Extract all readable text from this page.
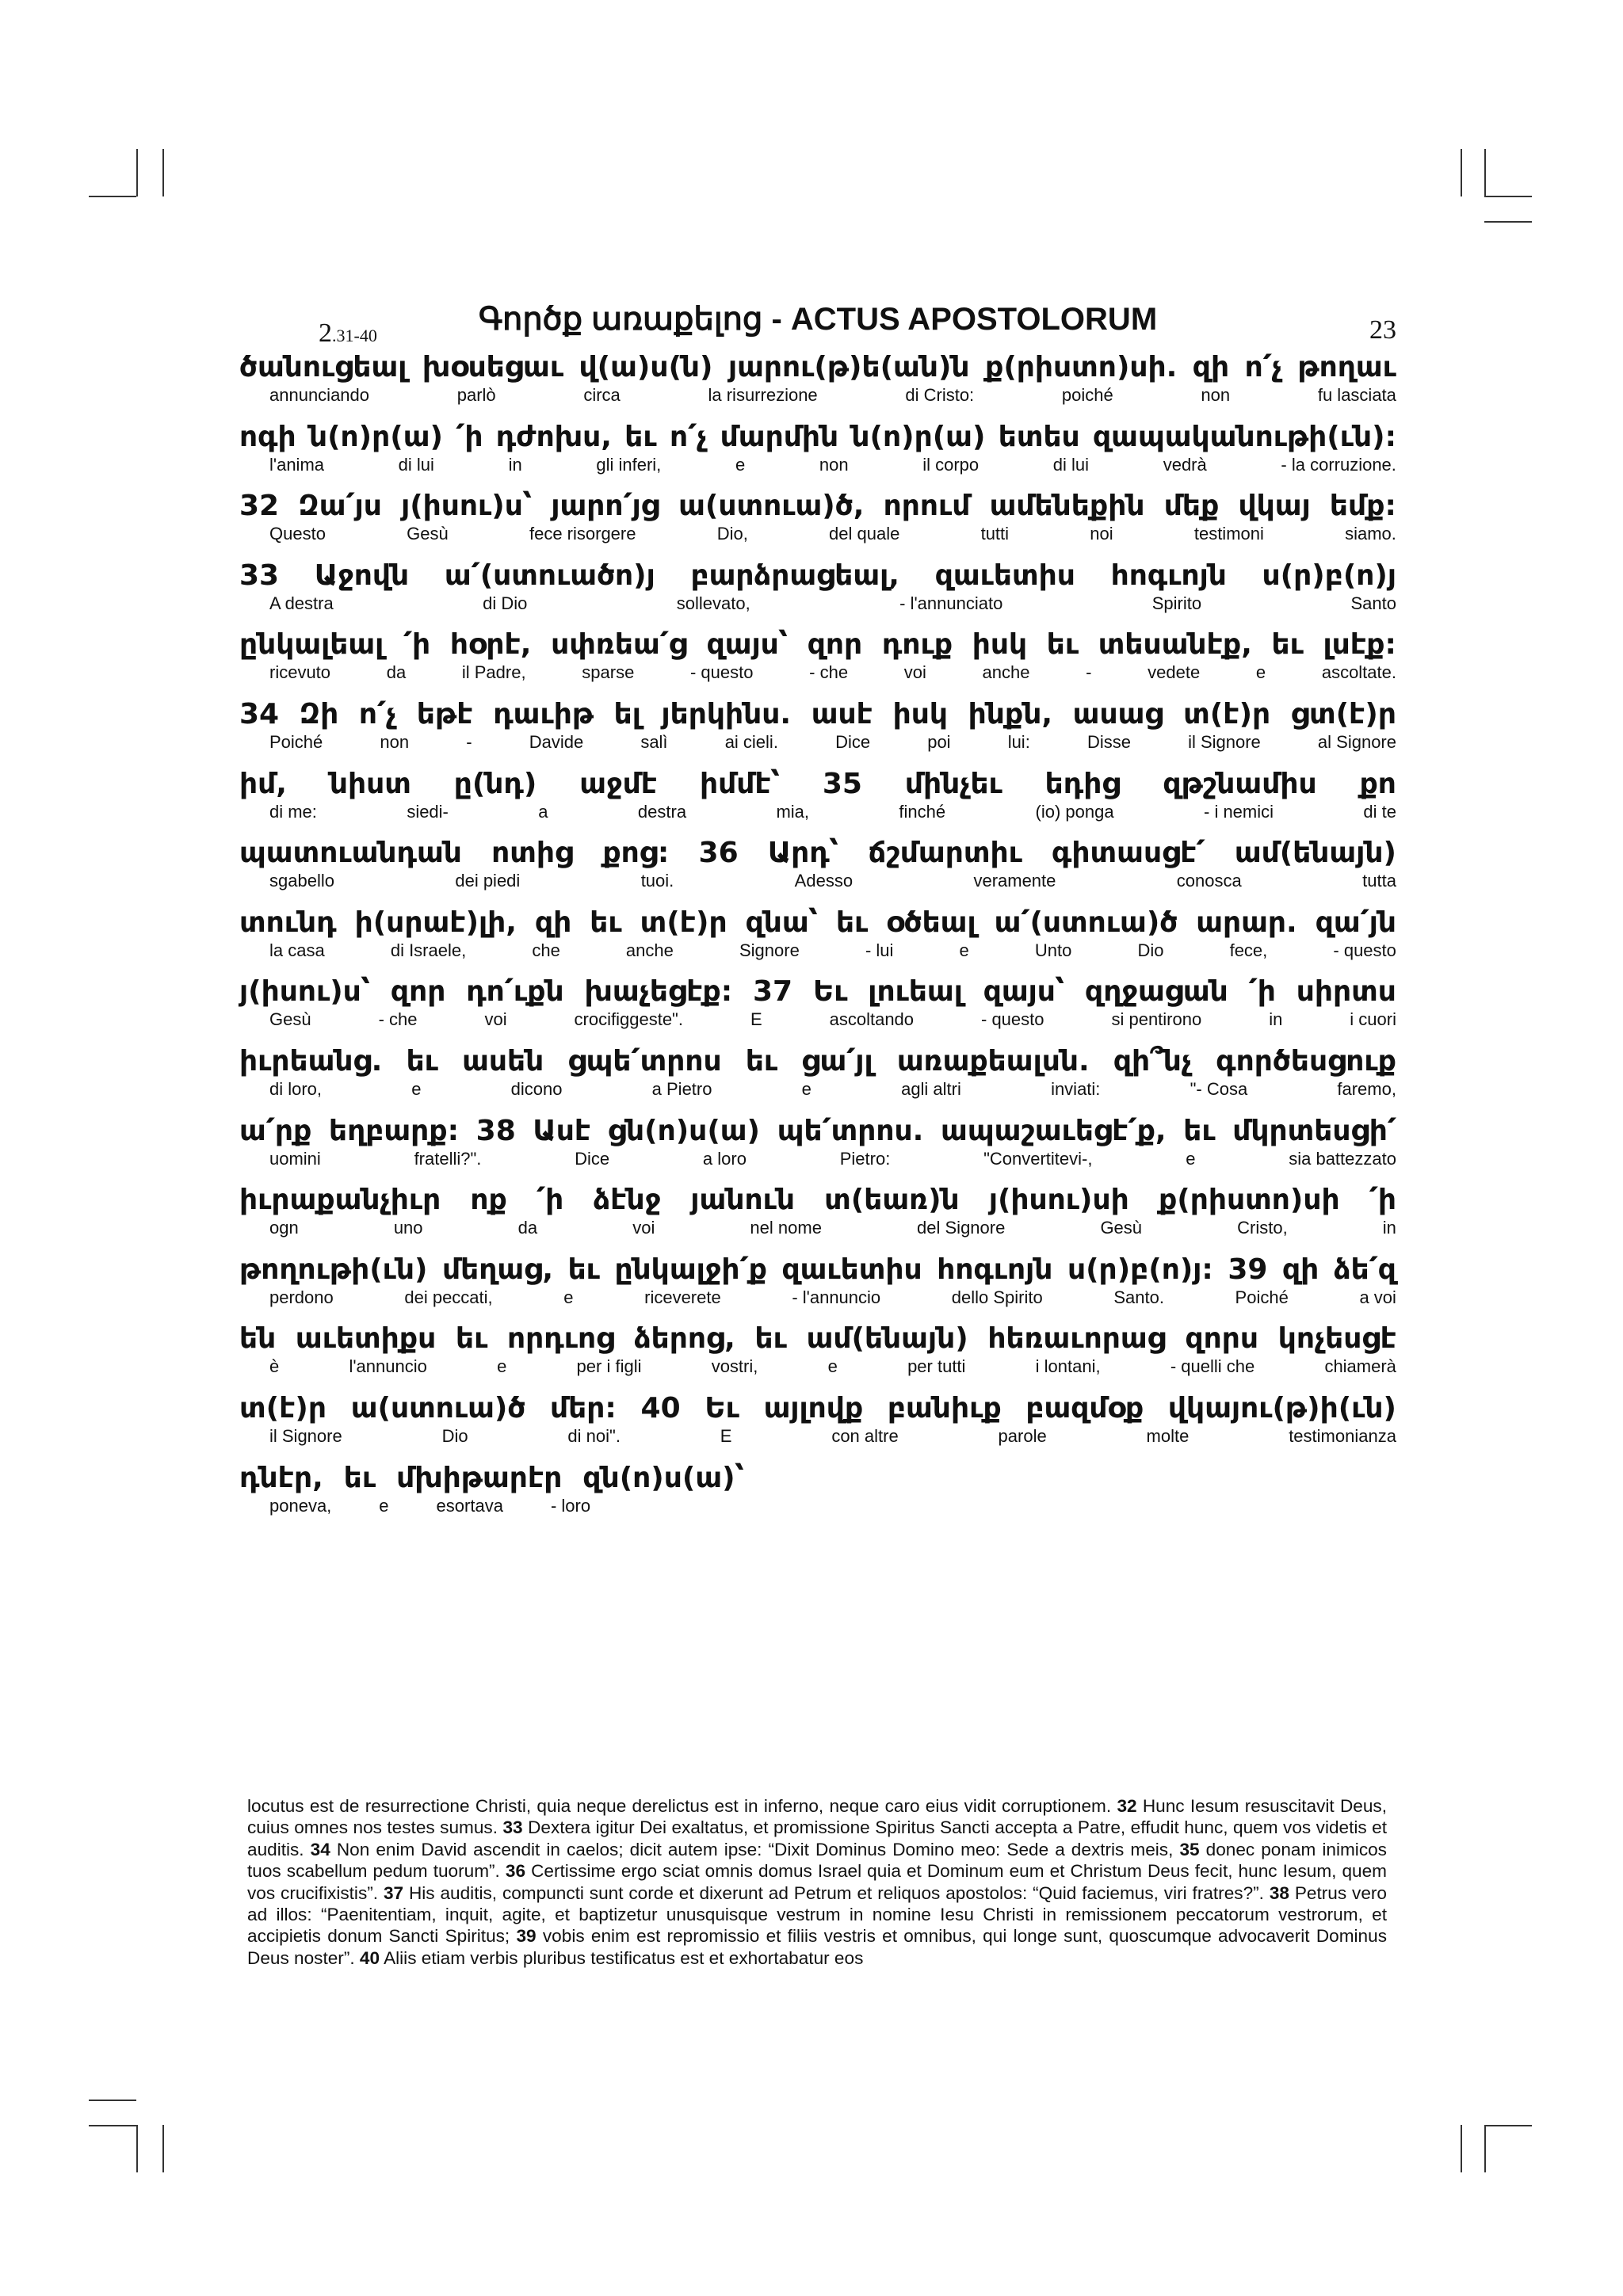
2.31-40	Գործք առաքելոց - ACTUS APOSTOLORUM	23
ծանուցեալ խօսեցաւ վ(ա)ս(ն) յարու(թ)ե(ան)ն ք(րիստո)սի. զի ո՛չ թողաւ
annunciando	parlò	circa	la risurrezione	di Cristo:	poiché	non	fu lasciata
ոգի ն(ո)ր(ա) ՛ի դժոխս, եւ ո՛չ մարմին ն(ո)ր(ա) ետես զապականութի(ւն):
l'anima	di lui	in	gli inferi,	e	non	il corpo	di lui	vedrà	- la corruzione.
32 Զա՛յս յ(իսու)ս՝ յարո՛յց ա(ստուա)ծ, որում ամենեքին մեք վկայ եմք:
Questo	Gesù	fece risorgere	Dio,	del quale	tutti	noi	testimoni	siamo.
33 Աջովն ա՛(ստուածո)յ բարձրացեալ, զաւետիս հոգւոյն ս(ր)բ(ո)յ
A destra	di Dio	sollevato,	- l'annunciato	Spirito	Santo
ընկալեալ ՛ի հօրէ, սփռեա՛ց զայս՝ զոր դուք իսկ եւ տեսանէք, եւ լսէք:
ricevuto	da	il Padre,	sparse	- questo	- che	voi	anche	-	vedete	e	ascoltate.
34 Զի ո՛չ եթէ դաւիթ ել յերկինս. ասէ իսկ ինքն, ասաց տ(է)ր ցտ(է)ր
Poiché	non	-	Davide	salì	ai cieli.	Dice	poi	lui:	Disse	il Signore	al Signore
իմ, նիստ ը(նդ) աջմէ իմմէ՝ 35 մինչեւ եդից զթշնամիս քո
di me:	siedi-	a	destra	mia,	finché	(io) ponga	- i nemici	di te
պատուանդան ոտից քոց: 36 Արդ՝ ճշմարտիւ գիտասցէ՛ ամ(ենայն)
sgabello	dei piedi	tuoi.	Adesso	veramente	conosca	tutta
տունդ ի(սրաէ)լի, զի եւ տ(է)ր զնա՝ եւ օծեալ ա՛(ստուա)ծ արար. զա՛յն
la casa	di Israele,	che	anche	Signore	- lui	e	Unto	Dio	fece,	- questo
յ(իսու)ս՝ զոր դո՛ւքն խաչեցէք: 37 Եւ լուեալ զայս՝ զղջացան ՛ի սիրտս
Gesù	- che	voi	crocifiggeste".	E	ascoltando	- questo	si pentirono	in	i cuori
իւրեանց. եւ ասեն ցպե՛տրոս եւ ցա՛յլ առաքեալսն. զի՞նչ գործեսցուք
di loro,	e	dicono	a Pietro	e	agli altri	inviati:	"- Cosa	faremo,
ա՛րք եղբարք: 38 Ասէ ցն(ո)ս(ա) պե՛տրոս. ապաշաւեցէ՛ք, եւ մկրտեսցի՛
uomini	fratelli?".	Dice	a loro	Pietro:	"Convertitevi-,	e	sia battezzato
իւրաքանչիւր ոք ՛ի ձէնջ յանուն տ(եառ)ն յ(իսու)սի ք(րիստո)սի ՛ի
ogn	uno	da	voi	nel nome	del Signore	Gesù	Cristo,	in
թողութի(ւն) մեղաց, եւ ընկալջի՛ք զաւետիս հոգւոյն ս(ր)բ(ո)յ: 39 զի ձե՛զ
perdono	dei peccati,	e	riceverete	- l'annuncio	dello Spirito	Santo.	Poiché	a voi
են աւետիքս եւ որդւոց ձերոց, եւ ամ(ենայն) հեռաւորաց զորս կոչեսցէ
è	l'annuncio	e	per i figli	vostri,	e	per tutti	i lontani,	- quelli che	chiamerà
տ(է)ր ա(ստուա)ծ մեր: 40 Եւ այլովք բանիւք բազմօք վկայու(թ)ի(ւն)
il Signore	Dio	di noi".	E	con altre	parole	molte	testimonianza
դնէր, եւ մխիթարէր զն(ո)ս(ա)՝
poneva,	e	esortava	- loro
locutus est de resurrectione Christi, quia neque derelictus est in inferno, neque caro eius vidit corruptionem. 32 Hunc Iesum resuscitavit Deus, cuius omnes nos testes sumus. 33 Dextera igitur Dei exaltatus, et promissione Spiritus Sancti accepta a Patre, effudit hunc, quem vos videtis et auditis. 34 Non enim David ascendit in caelos; dicit autem ipse: “Dixit Dominus Domino meo: Sede a dextris meis, 35 donec ponam inimicos tuos scabellum pedum tuorum”. 36 Certissime ergo sciat omnis domus Israel quia et Dominum eum et Christum Deus fecit, hunc Iesum, quem vos crucifixistis”. 37 His auditis, compuncti sunt corde et dixerunt ad Petrum et reliquos apostolos: “Quid faciemus, viri fratres?”. 38 Petrus vero ad illos: “Paenitentiam, inquit, agite, et baptizetur unusquisque vestrum in nomine Iesu Christi in remissionem peccatorum vestrorum, et accipietis donum Sancti Spiritus; 39 vobis enim est repromissio et filiis vestris et omnibus, qui longe sunt, quoscumque advocaverit Dominus Deus noster”. 40 Aliis etiam verbis pluribus testificatus est et exhortabatur eos
